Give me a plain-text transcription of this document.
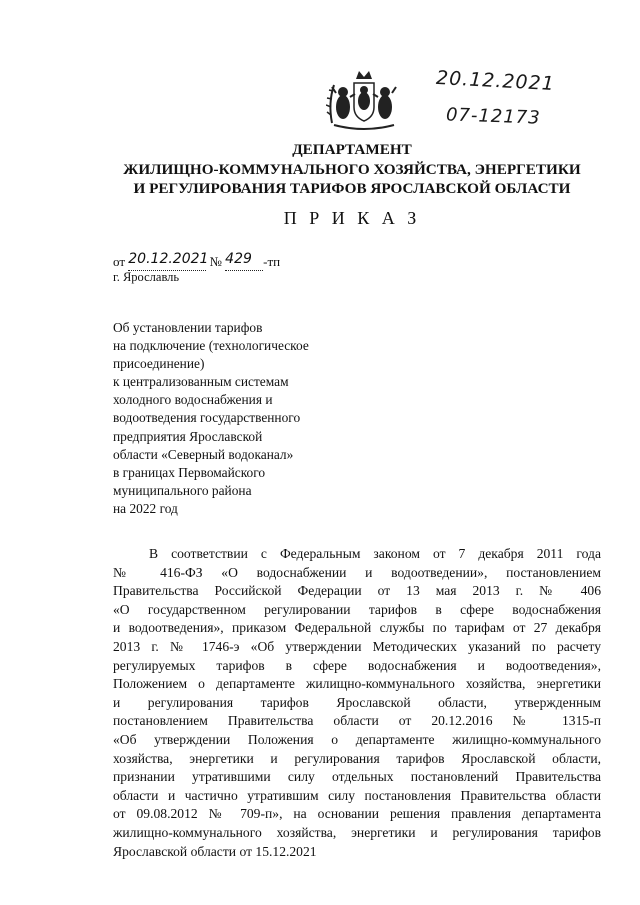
20.12.2021
07-12173
ДЕПАРТАМЕНТ
ЖИЛИЩНО-КОММУНАЛЬНОГО ХОЗЯЙСТВА, ЭНЕРГЕТИКИ
И РЕГУЛИРОВАНИЯ ТАРИФОВ ЯРОСЛАВСКОЙ ОБЛАСТИ
П Р И К А З
от 20.12.2021 № 429 -тп
г. Ярославль
Об установлении тарифов
на подключение (технологическое
присоединение)
к централизованным системам
холодного водоснабжения и
водоотведения государственного
предприятия Ярославской
области «Северный водоканал»
в границах Первомайского
муниципального района
на 2022 год
В соответствии с Федеральным законом от 7 декабря 2011 года
№ 416-ФЗ «О водоснабжении и водоотведении», постановлением
Правительства Российской Федерации от 13 мая 2013 г. № 406
«О государственном регулировании тарифов в сфере водоснабжения
и водоотведения», приказом Федеральной службы по тарифам от 27 декабря
2013 г. № 1746-э «Об утверждении Методических указаний по расчету
регулируемых тарифов в сфере водоснабжения и водоотведения»,
Положением о департаменте жилищно-коммунального хозяйства, энергетики
и регулирования тарифов Ярославской области, утвержденным
постановлением Правительства области от 20.12.2016 № 1315-п
«Об утверждении Положения о департаменте жилищно-коммунального
хозяйства, энергетики и регулирования тарифов Ярославской области,
признании утратившими силу отдельных постановлений Правительства
области и частично утратившим силу постановления Правительства области
от 09.08.2012 № 709-п», на основании решения правления департамента
жилищно-коммунального хозяйства, энергетики и регулирования тарифов
Ярославской области от 15.12.2021
